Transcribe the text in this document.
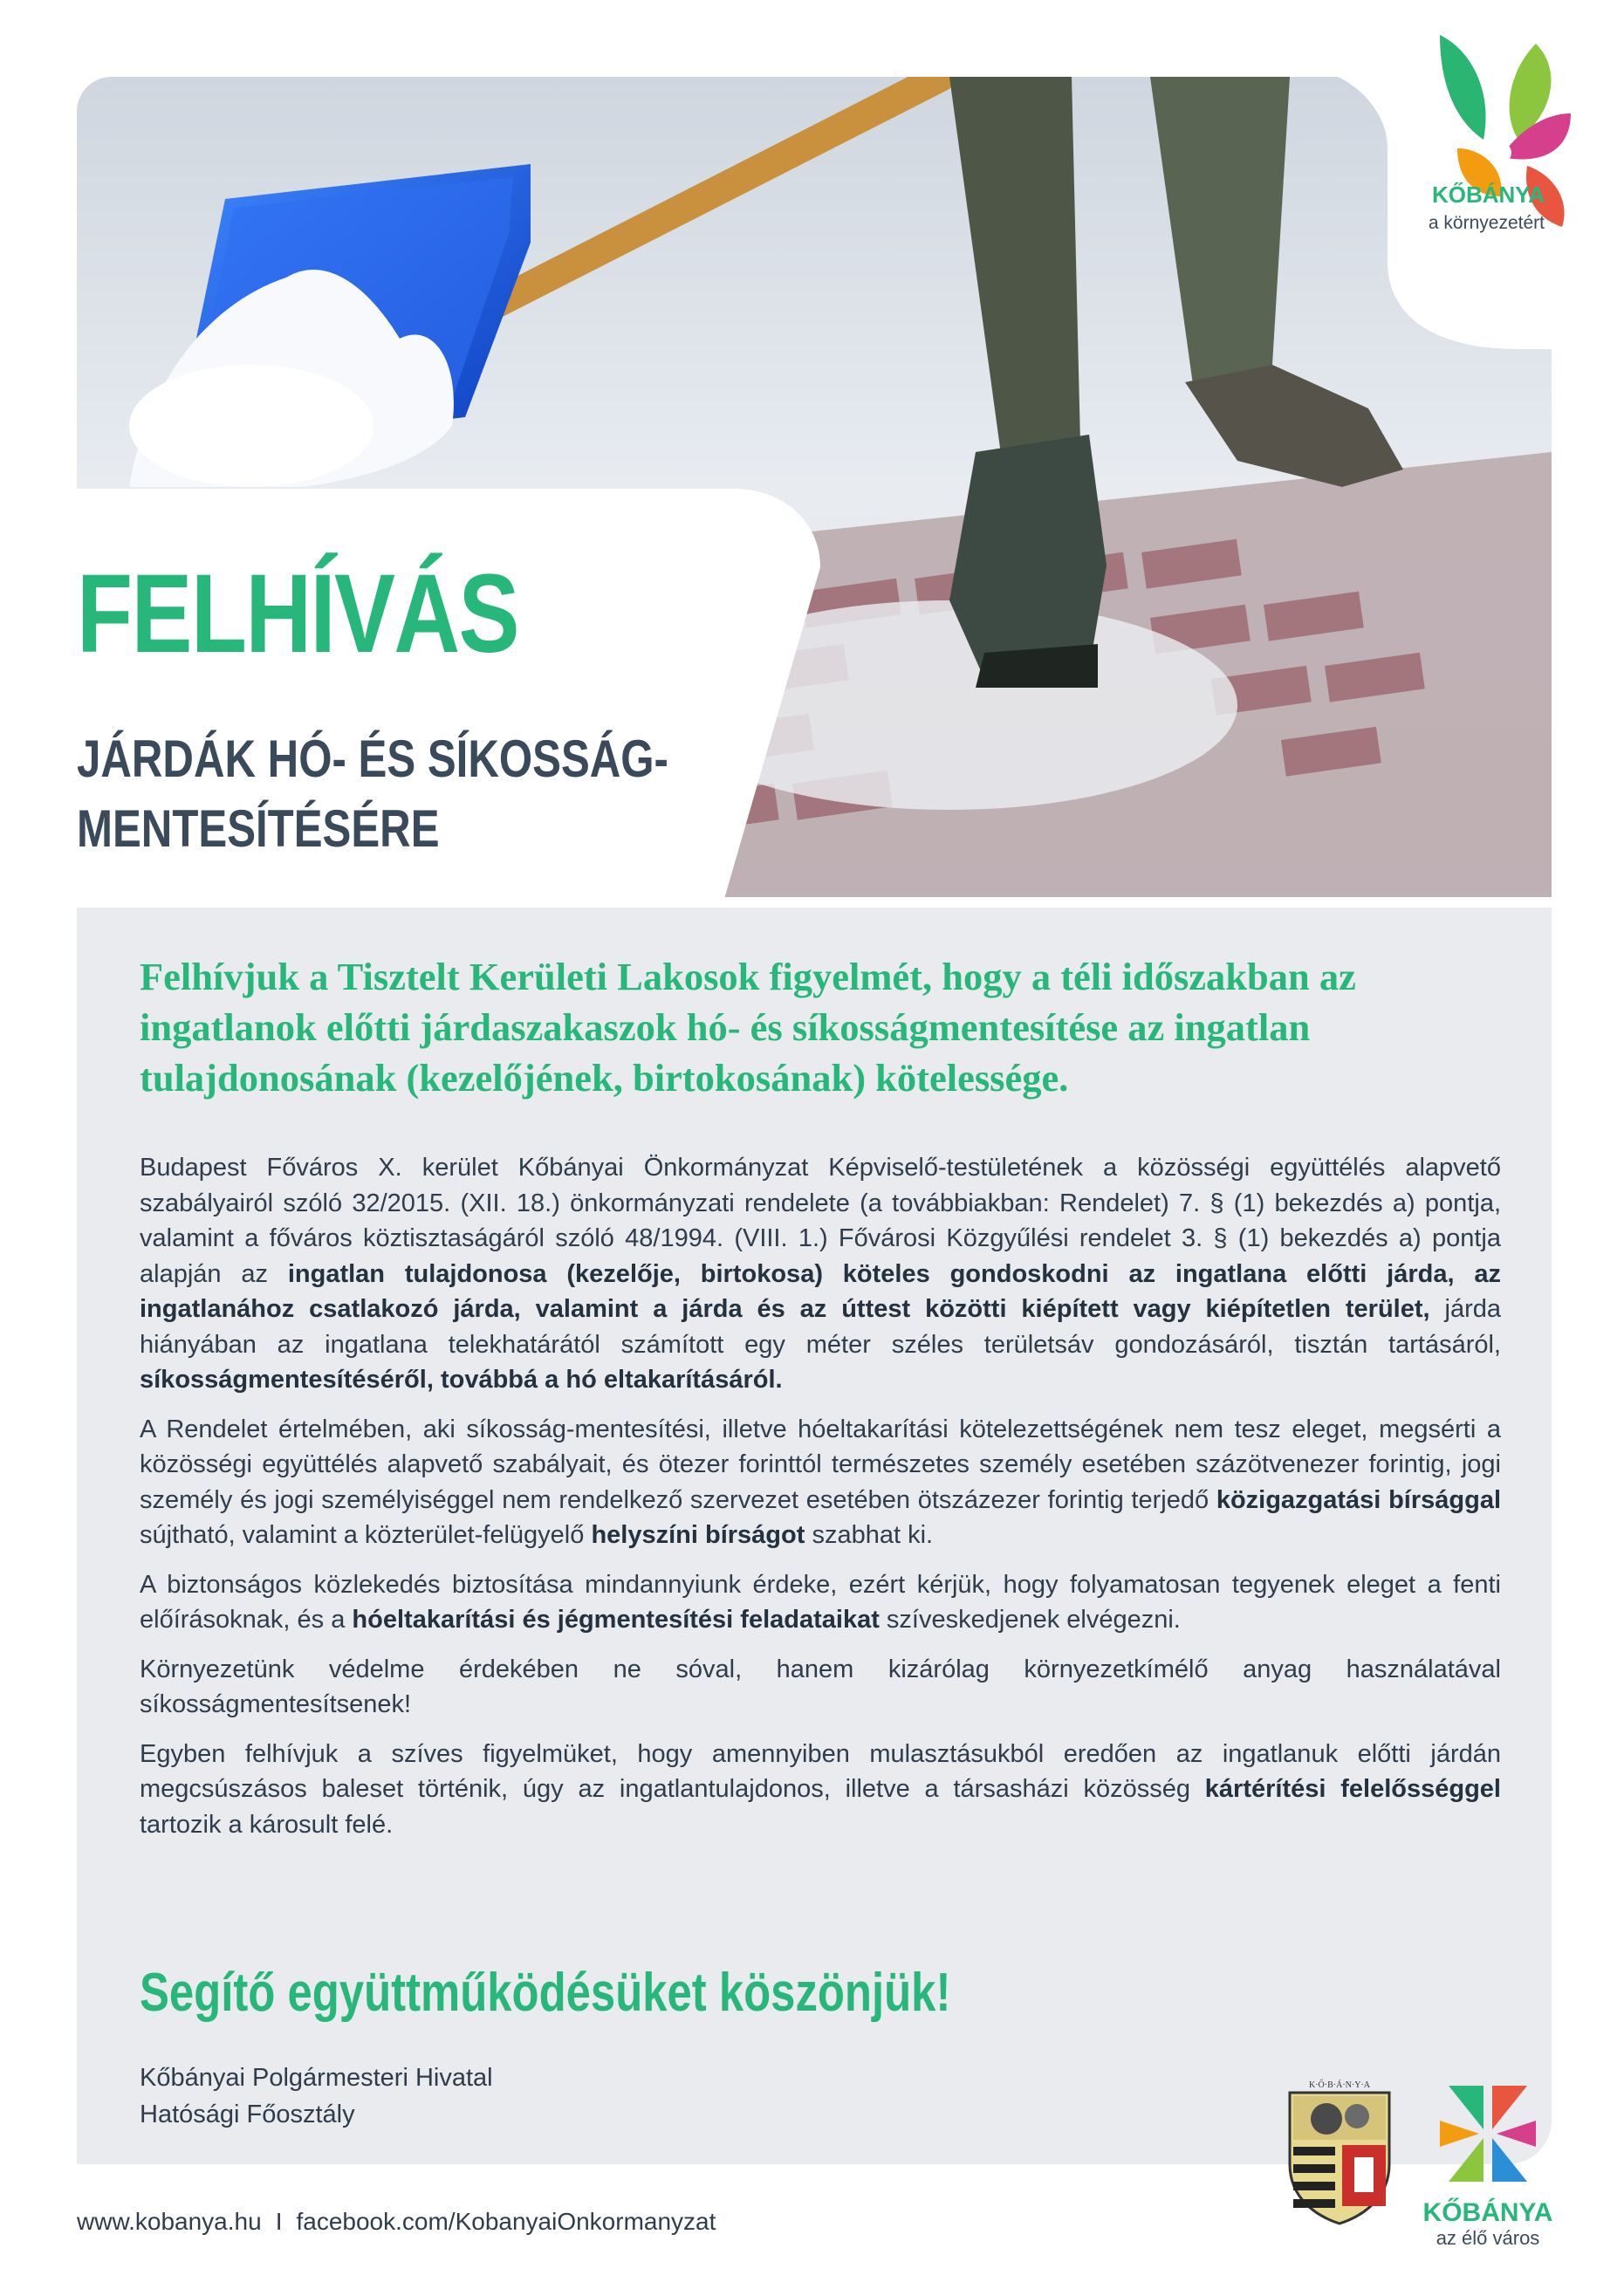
KŐBÁNYA
a környezetért
FELHÍVÁS
JÁRDÁK HÓ- ÉS SÍKOSSÁG-
MENTESÍTÉSÉRE

Felhívjuk a Tisztelt Kerületi Lakosok figyelmét, hogy a téli időszakban az ingatlanok előtti járdaszakaszok hó- és síkosságmentesítése az ingatlan tulajdonosának (kezelőjének, birtokosának) kötelessége.

Budapest Főváros X. kerület Kőbányai Önkormányzat Képviselő-testületének a közösségi együttélés alapvető szabályairól szóló 32/2015. (XII. 18.) önkormányzati rendelete (a továbbiakban: Rendelet) 7. § (1) bekezdés a) pontja, valamint a főváros köztisztaságáról szóló 48/1994. (VIII. 1.) Fővárosi Közgyűlési rendelet 3. § (1) bekezdés a) pontja alapján az ingatlan tulajdonosa (kezelője, birtokosa) köteles gondoskodni az ingatlana előtti járda, az ingatlanához csatlakozó járda, valamint a járda és az úttest közötti kiépített vagy kiépítetlen terület, járda hiányában az ingatlana telekhatárától számított egy méter széles területsáv gondozásáról, tisztán tartásáról, síkosságmentesítéséről, továbbá a hó eltakarításáról.

A Rendelet értelmében, aki síkosság-mentesítési, illetve hóeltakarítási kötelezettségének nem tesz eleget, megsérti a közösségi együttélés alapvető szabályait, és ötezer forinttól természetes személy esetében százötvenezer forintig, jogi személy és jogi személyiséggel nem rendelkező szervezet esetében ötszázezer forintig terjedő közigazgatási bírsággal sújtható, valamint a közterület-felügyelő helyszíni bírságot szabhat ki.

A biztonságos közlekedés biztosítása mindannyiunk érdeke, ezért kérjük, hogy folyamatosan tegyenek eleget a fenti előírásoknak, és a hóeltakarítási és jégmentesítési feladataikat szíveskedjenek elvégezni.

Környezetünk védelme érdekében ne sóval, hanem kizárólag környezetkímélő anyag használatával síkosságmentesítsenek!

Egyben felhívjuk a szíves figyelmüket, hogy amennyiben mulasztásukból eredően az ingatlanuk előtti járdán megcsúszásos baleset történik, úgy az ingatlantulajdonos, illetve a társasházi közösség kártérítési felelősséggel tartozik a károsult felé.

Segítő együttműködésüket köszönjük!
Kőbányai Polgármesteri Hivatal
Hatósági Főosztály
K·Ő·B·Á·N·Y·A
KŐBÁNYA
az élő város
www.kobanya.hu I facebook.com/KobanyaiOnkormanyzat
